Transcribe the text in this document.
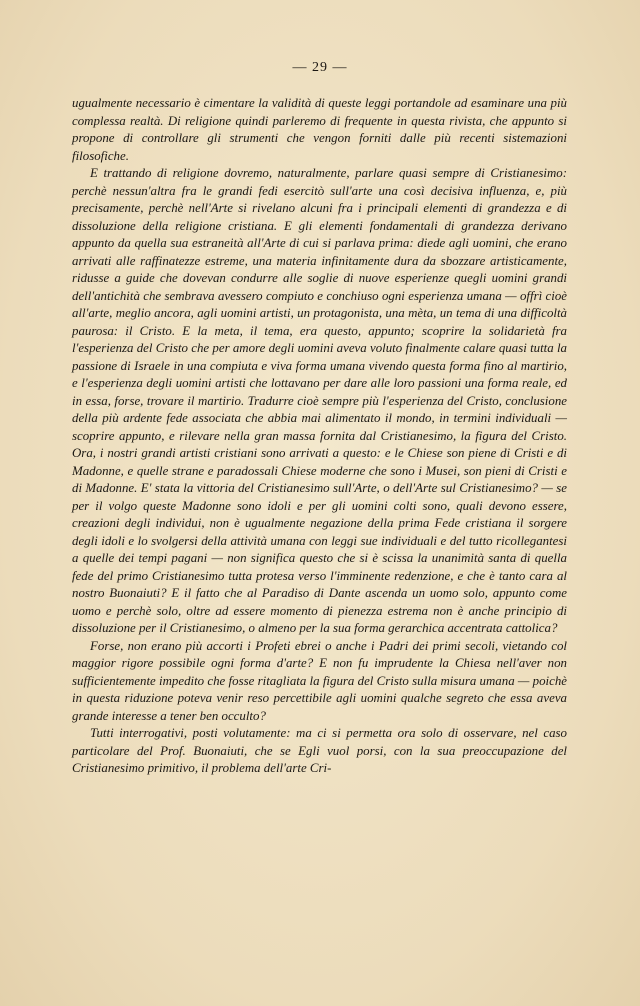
— 29 —

ugualmente necessario è cimentare la validità di queste leggi portandole ad esaminare una più complessa realtà. Di religione quindi parleremo di frequente in questa rivista, che appunto si propone di controllare gli strumenti che vengon forniti dalle più recenti sistemazioni filosofiche.

E trattando di religione dovremo, naturalmente, parlare quasi sempre di Cristianesimo: perchè nessun'altra fra le grandi fedi esercitò sull'arte una così decisiva influenza, e, più precisamente, perchè nell'Arte si rivelano alcuni fra i principali elementi di grandezza e di dissoluzione della religione cristiana. E gli elementi fondamentali di grandezza derivano appunto da quella sua estraneità all'Arte di cui si parlava prima: diede agli uomini, che erano arrivati alle raffinatezze estreme, una materia infinitamente dura da sbozzare artisticamente, ridusse a guide che dovevan condurre alle soglie di nuove esperienze quegli uomini grandi dell'antichità che sembrava avessero compiuto e conchiuso ogni esperienza umana — offrì cioè all'arte, meglio ancora, agli uomini artisti, un protagonista, una mèta, un tema di una difficoltà paurosa: il Cristo. E la meta, il tema, era questo, appunto; scoprire la solidarietà fra l'esperienza del Cristo che per amore degli uomini aveva voluto finalmente calare quasi tutta la passione di Israele in una compiuta e viva forma umana vivendo questa forma fino al martirio, e l'esperienza degli uomini artisti che lottavano per dare alle loro passioni una forma reale, ed in essa, forse, trovare il martirio. Tradurre cioè sempre più l'esperienza del Cristo, conclusione della più ardente fede associata che abbia mai alimentato il mondo, in termini individuali — scoprire appunto, e rilevare nella gran massa fornita dal Cristianesimo, la figura del Cristo. Ora, i nostri grandi artisti cristiani sono arrivati a questo: e le Chiese son piene di Cristi e di Madonne, e quelle strane e paradossali Chiese moderne che sono i Musei, son pieni di Cristi e di Madonne. E' stata la vittoria del Cristianesimo sull'Arte, o dell'Arte sul Cristianesimo? — se per il volgo queste Madonne sono idoli e per gli uomini colti sono, quali devono essere, creazioni degli individui, non è ugualmente negazione della prima Fede cristiana il sorgere degli idoli e lo svolgersi della attività umana con leggi sue individuali e del tutto ricollegantesi a quelle dei tempi pagani — non significa questo che si è scissa la unanimità santa di quella fede del primo Cristianesimo tutta protesa verso l'imminente redenzione, e che è tanto cara al nostro Buonaiuti? E il fatto che al Paradiso di Dante ascenda un uomo solo, appunto come uomo e perchè solo, oltre ad essere momento di pienezza estrema non è anche principio di dissoluzione per il Cristianesimo, o almeno per la sua forma gerarchica accentrata cattolica?

Forse, non erano più accorti i Profeti ebrei o anche i Padri dei primi secoli, vietando col maggior rigore possibile ogni forma d'arte? E non fu imprudente la Chiesa nell'aver non sufficientemente impedito che fosse ritagliata la figura del Cristo sulla misura umana — poichè in questa riduzione poteva venir reso percettibile agli uomini qualche segreto che essa aveva grande interesse a tener ben occulto?

Tutti interrogativi, posti volutamente: ma ci si permetta ora solo di osservare, nel caso particolare del Prof. Buonaiuti, che se Egli vuol porsi, con la sua preoccupazione del Cristianesimo primitivo, il problema dell'arte Cri-
